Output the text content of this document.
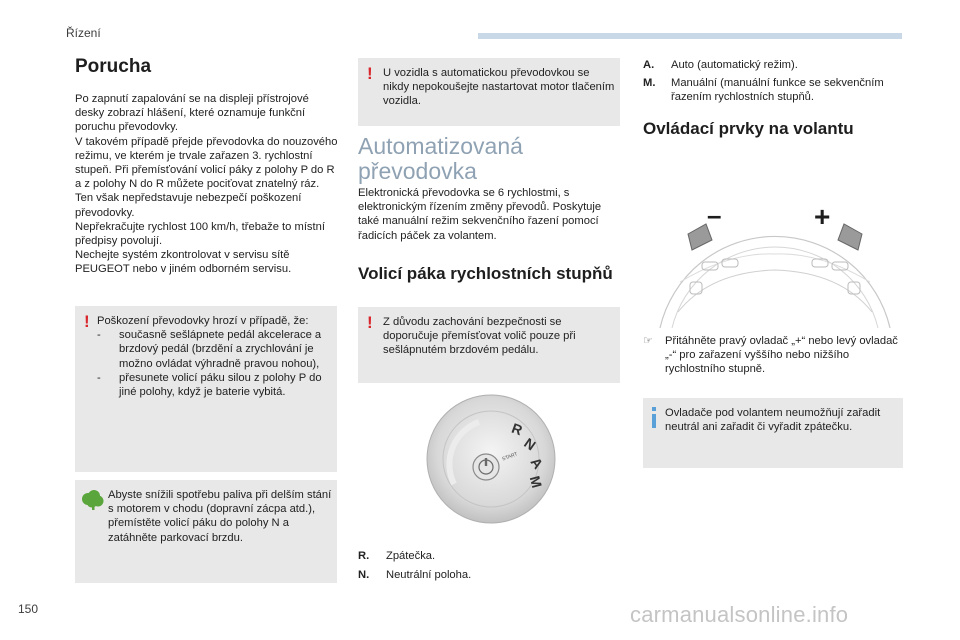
Řízení
Porucha

Po zapnutí zapalování se na displeji přístrojové desky zobrazí hlášení, které oznamuje funkční poruchu převodovky.

V takovém případě přejde převodovka do nouzového režimu, ve kterém je trvale zařazen 3. rychlostní stupeň. Při přemísťování volicí páky z polohy P do R a z polohy N do R můžete pociťovat znatelný ráz. Ten však nepředstavuje nebezpečí poškození převodovky.

Nepřekračujte rychlost 100 km/h, třebaže to místní předpisy povolují.

Nechejte systém zkontrolovat v servisu sítě PEUGEOT nebo v jiném odborném servisu.

! Poškození převodovky hrozí v případě, že:

- současně sešlápnete pedál akcelerace a brzdový pedál (brzdění a zrychlování je možno ovládat výhradně pravou nohou),
- přesunete volicí páku silou z polohy P do jiné polohy, když je baterie vybitá.
Abyste snížili spotřebu paliva při delším stání s motorem v chodu (dopravní zácpa atd.), přemístěte volicí páku do polohy N a zatáhněte parkovací brzdu.
! U vozidla s automatickou převodovkou se nikdy nepokoušejte nastartovat motor tlačením vozidla.
Automatizovaná převodovka
Elektronická převodovka se 6 rychlostmi, s elektronickým řízením změny převodů. Poskytuje také manuální režim sekvenčního řazení pomocí řadicích páček za volantem.
Volicí páka rychlostních stupňů
! Z důvodu zachování bezpečnosti se doporučuje přemísťovat volič pouze při sešlápnutém brzdovém pedálu.
START
R
N
A
M
R. Zpátečka.
N. Neutrální poloha.
A. Auto (automatický režim).
M.	Manuální (manuální funkce se sekvenčním řazením rychlostních stupňů.
Ovládací prvky na volantu
–	+
☞	Přitáhněte pravý ovladač „+“ nebo levý ovladač „-“ pro zařazení vyššího nebo nižšího rychlostního stupně.
Ovladače pod volantem neumožňují zařadit neutrál ani zařadit či vyřadit zpátečku.
150	carmanualsonline.info
